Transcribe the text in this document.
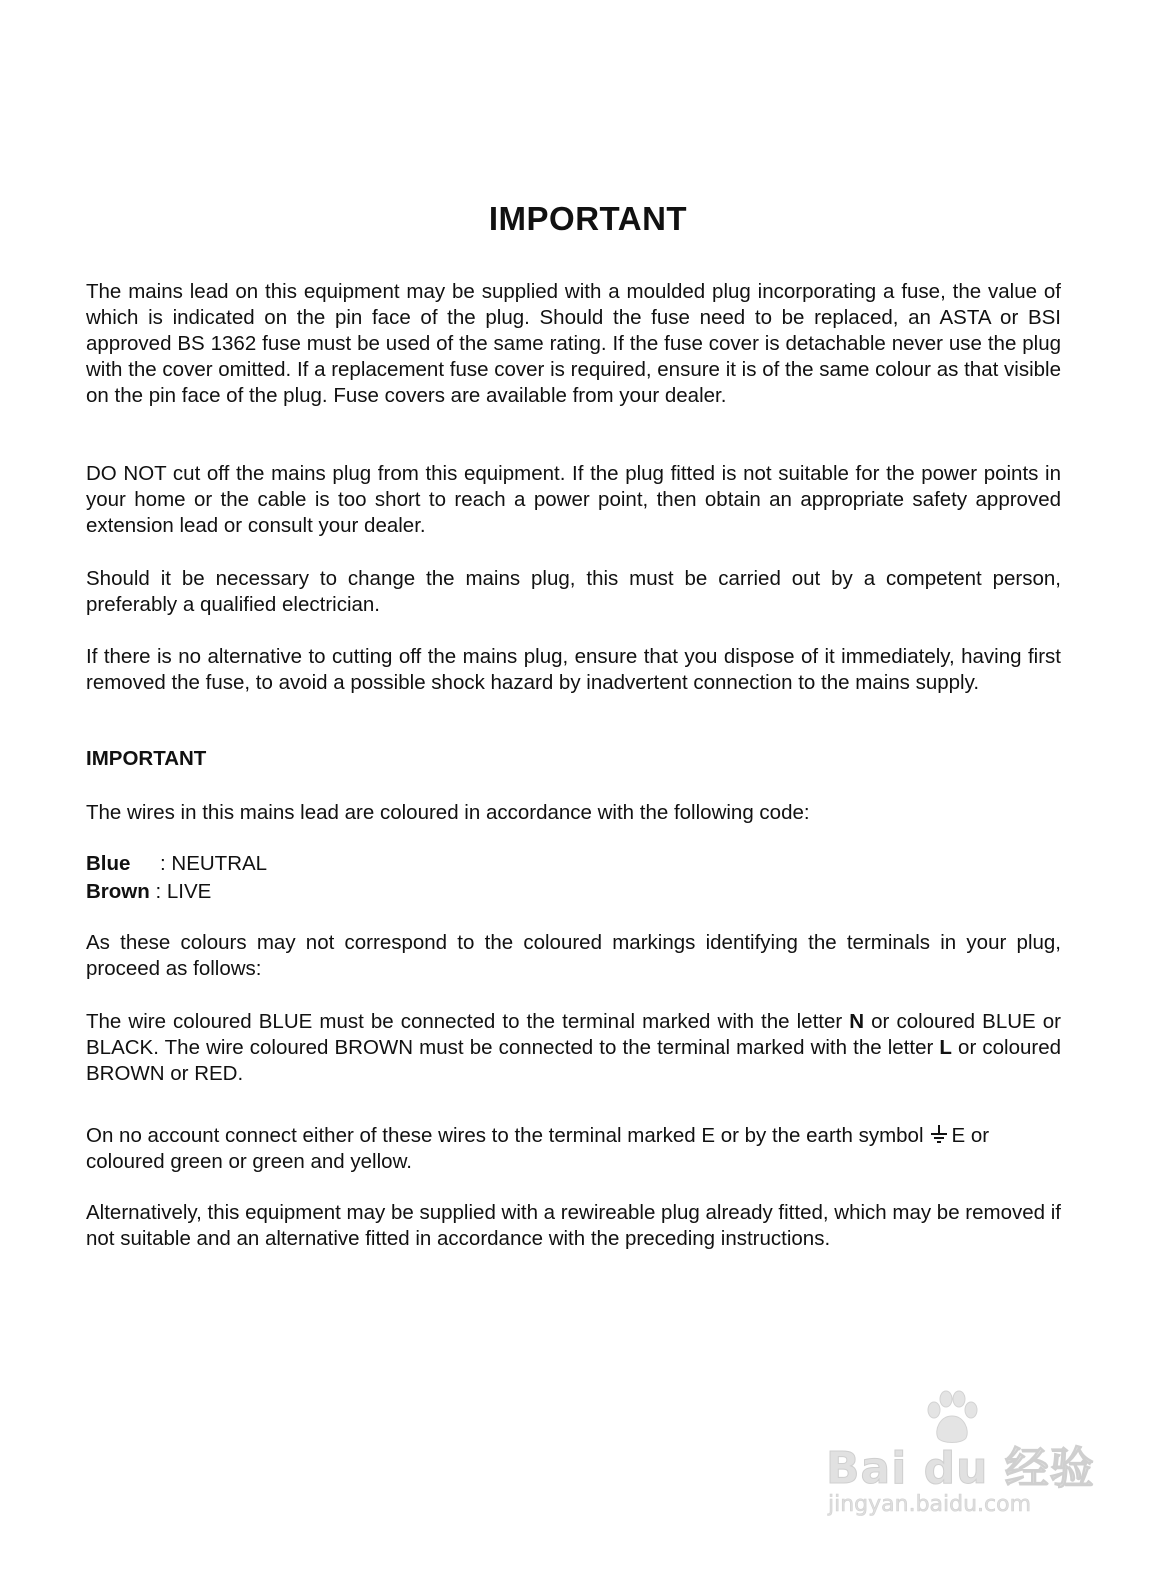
IMPORTANT

The mains lead on this equipment may be supplied with a moulded plug incorporating a fuse, the value of which is indicated on the pin face of the plug. Should the fuse need to be replaced, an ASTA or BSI approved BS 1362 fuse must be used of the same rating. If the fuse cover is detachable never use the plug with the cover omitted. If a replacement fuse cover is required, ensure it is of the same colour as that visible on the pin face of the plug. Fuse covers are available from your dealer.

DO NOT cut off the mains plug from this equipment. If the plug fitted is not suitable for the power points in your home or the cable is too short to reach a power point, then obtain an appropriate safety approved extension lead or consult your dealer.

Should it be necessary to change the mains plug, this must be carried out by a competent person, preferably a qualified electrician.

If there is no alternative to cutting off the mains plug, ensure that you dispose of it immediately, having first removed the fuse, to avoid a possible shock hazard by inadvertent connection to the mains supply.

IMPORTANT

The wires in this mains lead are coloured in accordance with the following code:

Blue : NEUTRAL

Brown : LIVE

As these colours may not correspond to the coloured markings identifying the terminals in your plug, proceed as follows:

The wire coloured BLUE must be connected to the terminal marked with the letter N or coloured BLUE or BLACK. The wire coloured BROWN must be connected to the terminal marked with the letter L or coloured BROWN or RED.

On no account connect either of these wires to the terminal marked E or by the earth symbol E or coloured green or green and yellow.

Alternatively, this equipment may be supplied with a rewireable plug already fitted, which may be removed if not suitable and an alternative fitted in accordance with the preceding instructions.

Bai du 经验
jingyan.baidu.com
